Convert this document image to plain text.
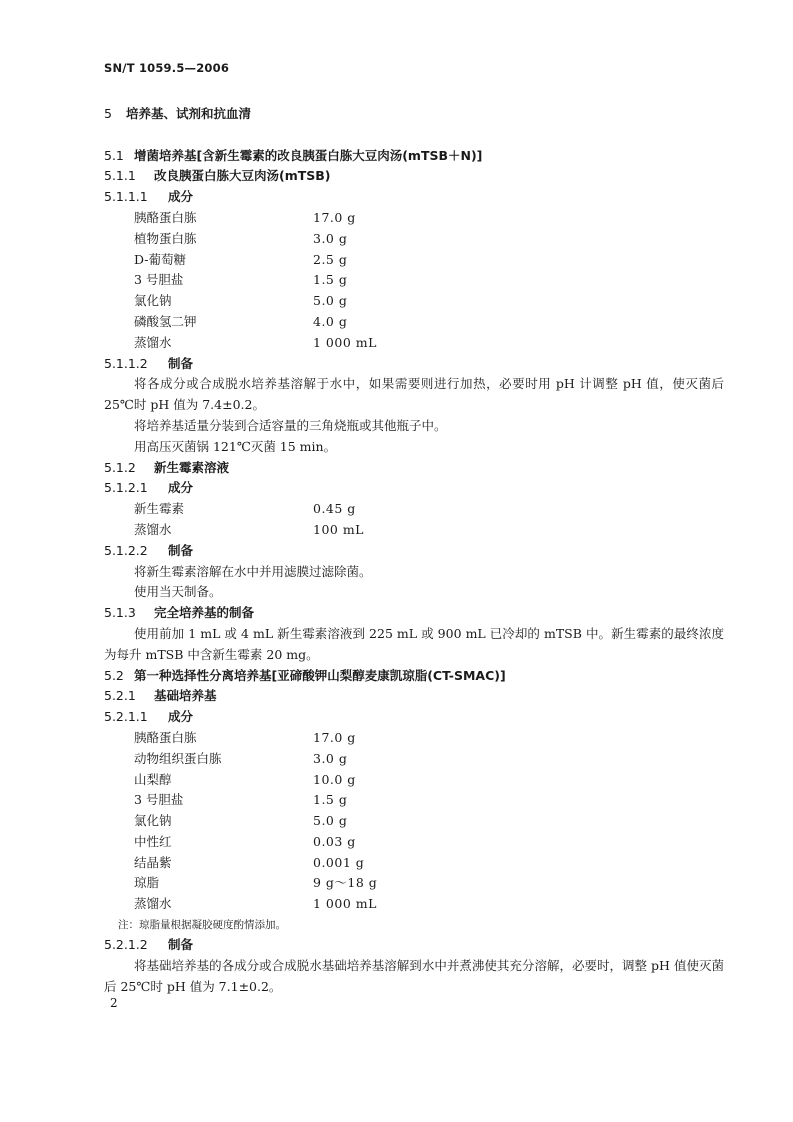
SN/T 1059.5—2006
5 培养基、试剂和抗血清
5.1 增菌培养基[含新生霉素的改良胰蛋白胨大豆肉汤(mTSB＋N)]
5.1.1 改良胰蛋白胨大豆肉汤(mTSB)
5.1.1.1 成分
胰酪蛋白胨	17.0 g
植物蛋白胨	3.0 g
D-葡萄糖	2.5 g
3 号胆盐	1.5 g
氯化钠	5.0 g
磷酸氢二钾	4.0 g
蒸馏水	1 000 mL
5.1.1.2 制备

将各成分或合成脱水培养基溶解于水中，如果需要则进行加热，必要时用 pH 计调整 pH 值，使灭菌后 25℃时 pH 值为 7.4±0.2。

将培养基适量分装到合适容量的三角烧瓶或其他瓶子中。

用高压灭菌锅 121℃灭菌 15 min。

5.1.2 新生霉素溶液
5.1.2.1 成分
新生霉素	0.45 g
蒸馏水	100 mL
5.1.2.2 制备

将新生霉素溶解在水中并用滤膜过滤除菌。

使用当天制备。

5.1.3 完全培养基的制备

使用前加 1 mL 或 4 mL 新生霉素溶液到 225 mL 或 900 mL 已冷却的 mTSB 中。新生霉素的最终浓度为每升 mTSB 中含新生霉素 20 mg。

5.2 第一种选择性分离培养基[亚碲酸钾山梨醇麦康凯琼脂(CT-SMAC)]
5.2.1 基础培养基
5.2.1.1 成分
胰酪蛋白胨	17.0 g
动物组织蛋白胨	3.0 g
山梨醇	10.0 g
3 号胆盐	1.5 g
氯化钠	5.0 g
中性红	0.03 g
结晶紫	0.001 g
琼脂	9 g～18 g
蒸馏水	1 000 mL
注：琼脂量根据凝胶硬度酌情添加。
5.2.1.2 制备

将基础培养基的各成分或合成脱水基础培养基溶解到水中并煮沸使其充分溶解，必要时，调整 pH 值使灭菌后 25℃时 pH 值为 7.1±0.2。

2
